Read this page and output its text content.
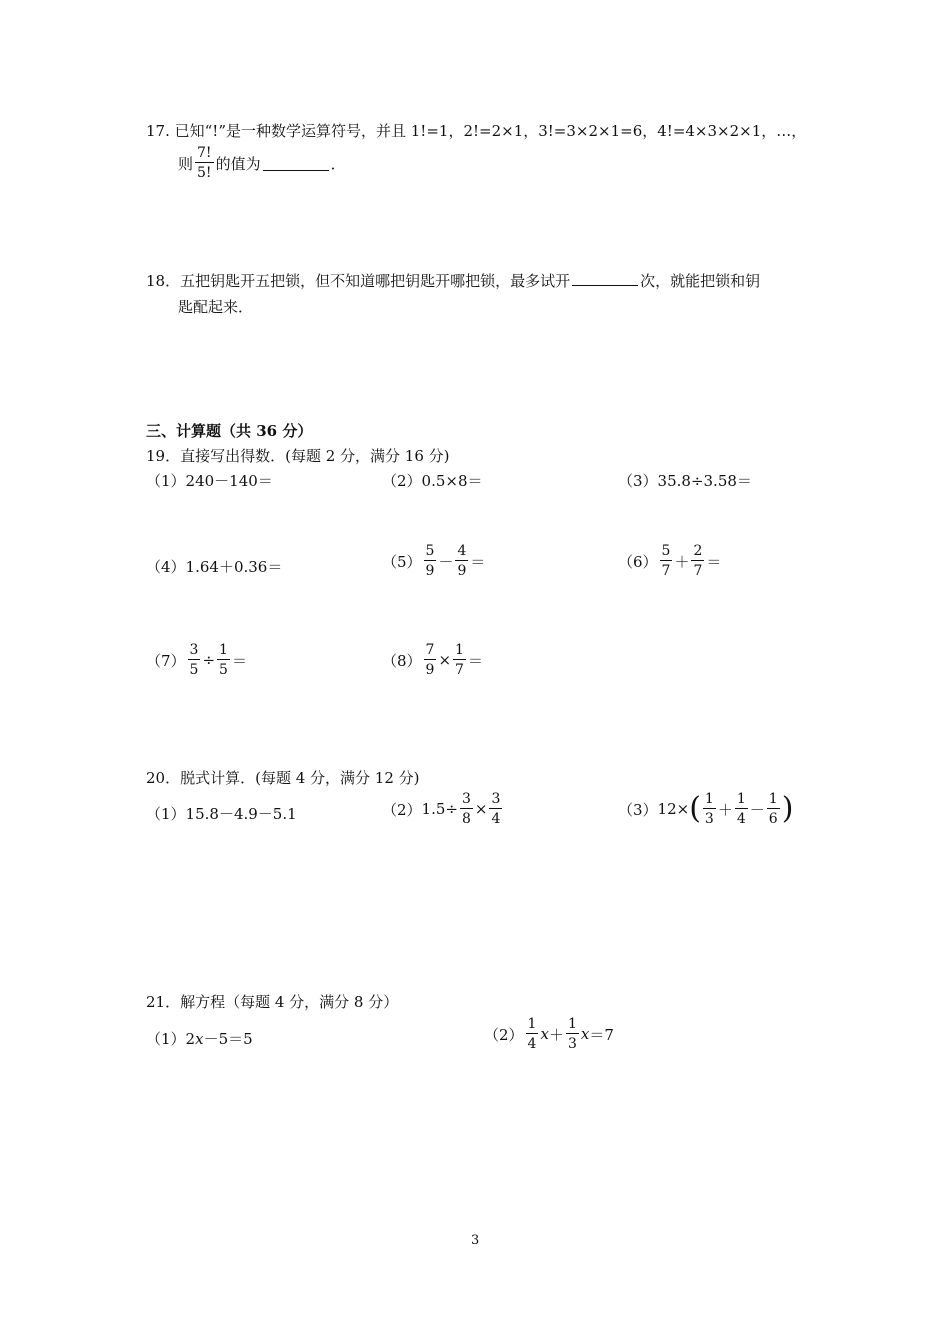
17. 已知“!”是一种数学运算符号，并且 1!=1，2!=2×1，3!=3×2×1=6，4!=4×3×2×1，…，
则 $\frac{7!}{5!}$ 的值为	．
18．五把钥匙开五把锁，但不知道哪把钥匙开哪把锁，最多试开	次，就能把锁和钥
匙配起来．
三、计算题（共 36 分）
19．直接写出得数．(每题 2 分，满分 16 分)
（1）240－140＝	（2）0.5×8＝	（3）35.8÷3.58＝
（4）1.64＋0.36＝	$(5) \frac{5}{9} - \frac{4}{9}$ ＝	$(6) \frac{5}{7} + \frac{2}{7}$ ＝
$(7) \frac{3}{5} \div \frac{1}{5}$ ＝	$(8) \frac{7}{9} \times \frac{1}{7}$ ＝
20．脱式计算．(每题 4 分，满分 12 分)
（1）15.8－4.9－5.1	（2） $1.5\div \frac{3}{8} \times \frac{3}{4}$	（3） 12× ( $\frac{1}{3} + \frac{1}{4} - \frac{1}{6}$ )
21．解方程（每题 4 分，满分 8 分）
（1）2x－5＝5	$(2) \frac{1}{4}$ $x + \frac{1}{3}$ x ＝7
3
